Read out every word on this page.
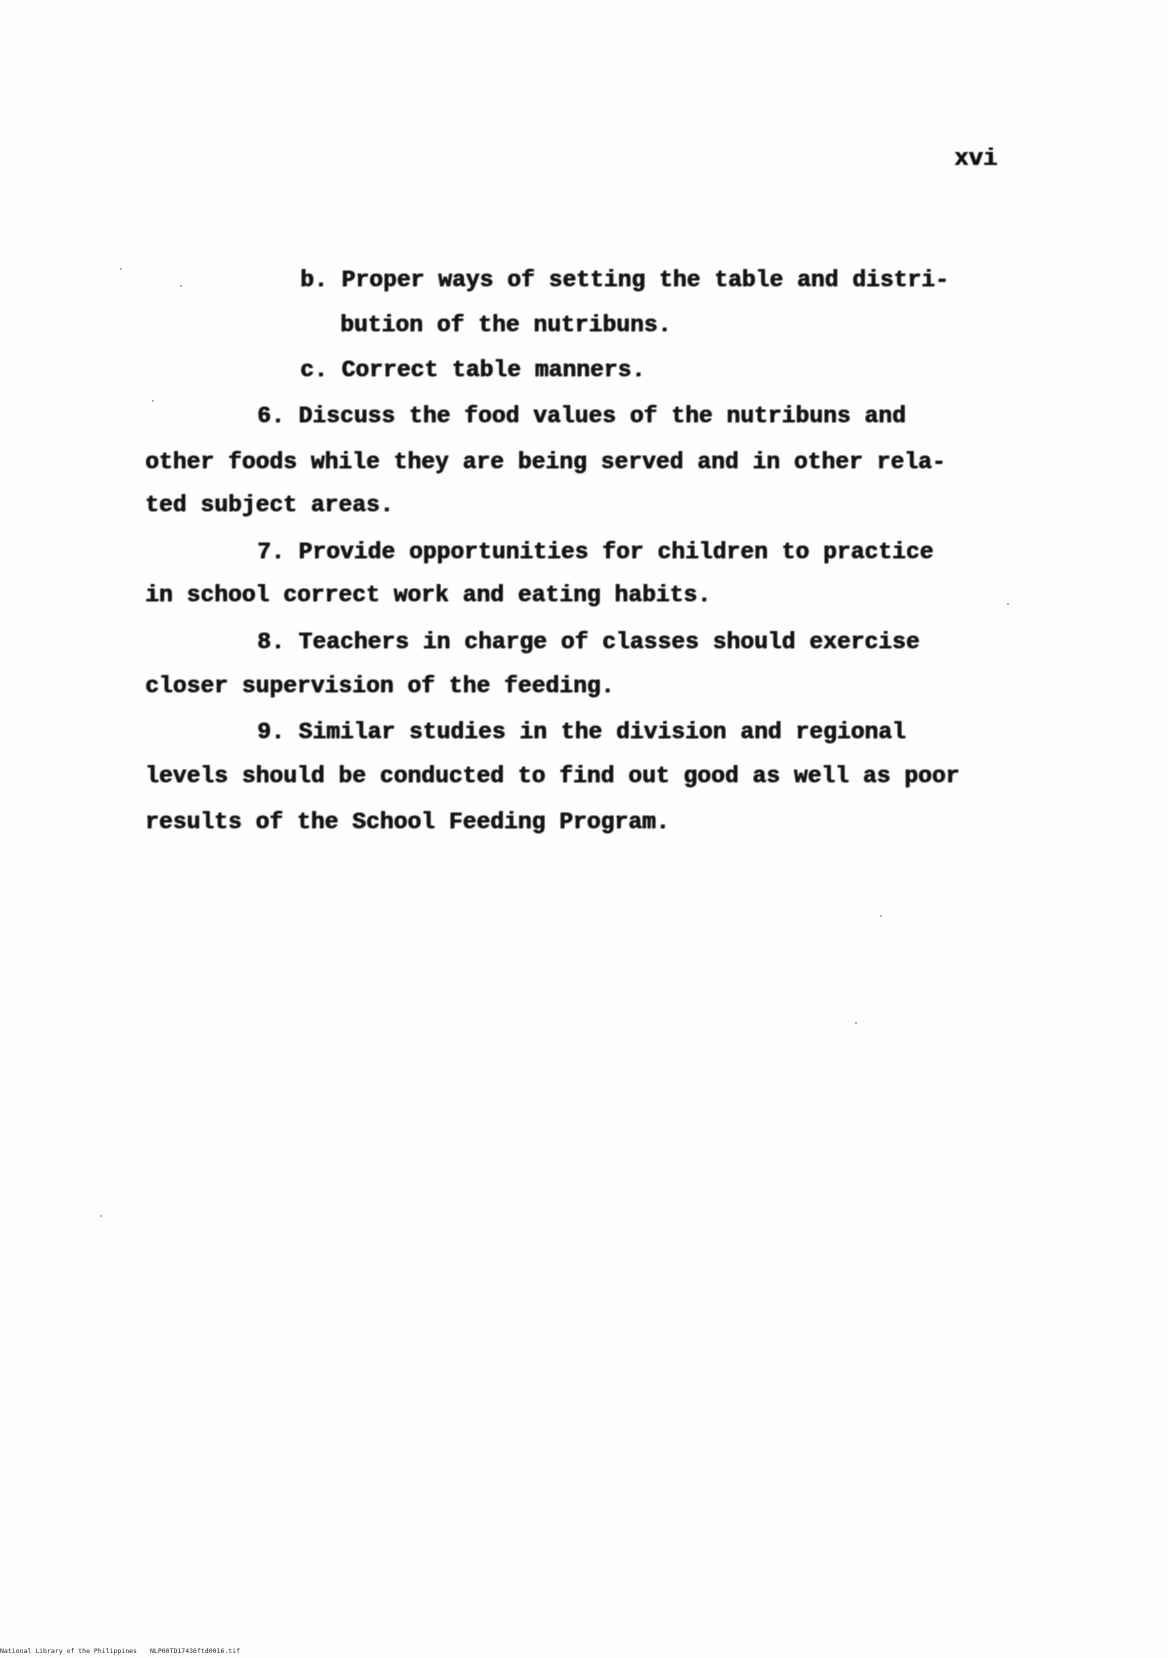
xvi
b. Proper ways of setting the table and distri-
bution of the nutribuns.
c. Correct table manners.
6. Discuss the food values of the nutribuns and
other foods while they are being served and in other rela-
ted subject areas.
7. Provide opportunities for children to practice
in school correct work and eating habits.
8. Teachers in charge of classes should exercise
closer supervision of the feeding.
9. Similar studies in the division and regional
levels should be conducted to find out good as well as poor
results of the School Feeding Program.
National Library of the Philippines NLP00TD17436ftd0016.tif
